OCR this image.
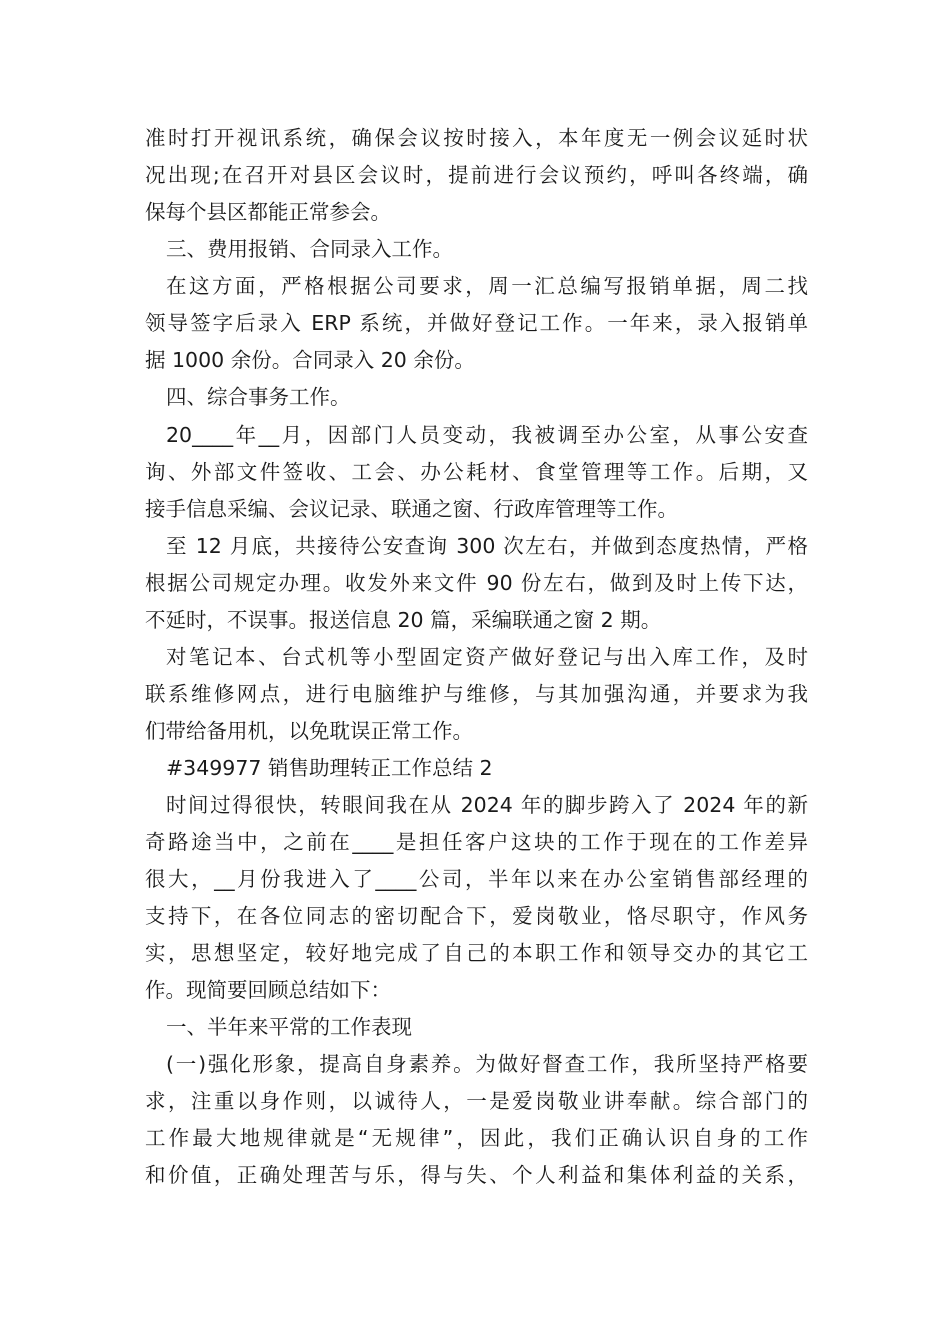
准时打开视讯系统，确保会议按时接入，本年度无一例会议延时状
况出现;在召开对县区会议时，提前进行会议预约，呼叫各终端，确
保每个县区都能正常参会。
三、费用报销、合同录入工作。
在这方面，严格根据公司要求，周一汇总编写报销单据，周二找
领导签字后录入 ERP 系统，并做好登记工作。一年来，录入报销单
据 1000 余份。合同录入 20 余份。
四、综合事务工作。
20____年__月，因部门人员变动，我被调至办公室，从事公安查
询、外部文件签收、工会、办公耗材、食堂管理等工作。后期，又
接手信息采编、会议记录、联通之窗、行政库管理等工作。
至 12 月底，共接待公安查询 300 次左右，并做到态度热情，严格
根据公司规定办理。收发外来文件 90 份左右，做到及时上传下达，
不延时，不误事。报送信息 20 篇，采编联通之窗 2 期。
对笔记本、台式机等小型固定资产做好登记与出入库工作，及时
联系维修网点，进行电脑维护与维修，与其加强沟通，并要求为我
们带给备用机，以免耽误正常工作。
#349977 销售助理转正工作总结 2
时间过得很快，转眼间我在从 2024 年的脚步跨入了 2024 年的新
奇路途当中，之前在____是担任客户这块的工作于现在的工作差异
很大，__月份我进入了____公司，半年以来在办公室销售部经理的
支持下，在各位同志的密切配合下，爱岗敬业，恪尽职守，作风务
实，思想坚定，较好地完成了自己的本职工作和领导交办的其它工
作。现简要回顾总结如下：
一、半年来平常的工作表现
(一)强化形象，提高自身素养。为做好督查工作，我所坚持严格要
求，注重以身作则，以诚待人，一是爱岗敬业讲奉献。综合部门的
工作最大地规律就是“无规律”，因此，我们正确认识自身的工作
和价值，正确处理苦与乐，得与失、个人利益和集体利益的关系，
